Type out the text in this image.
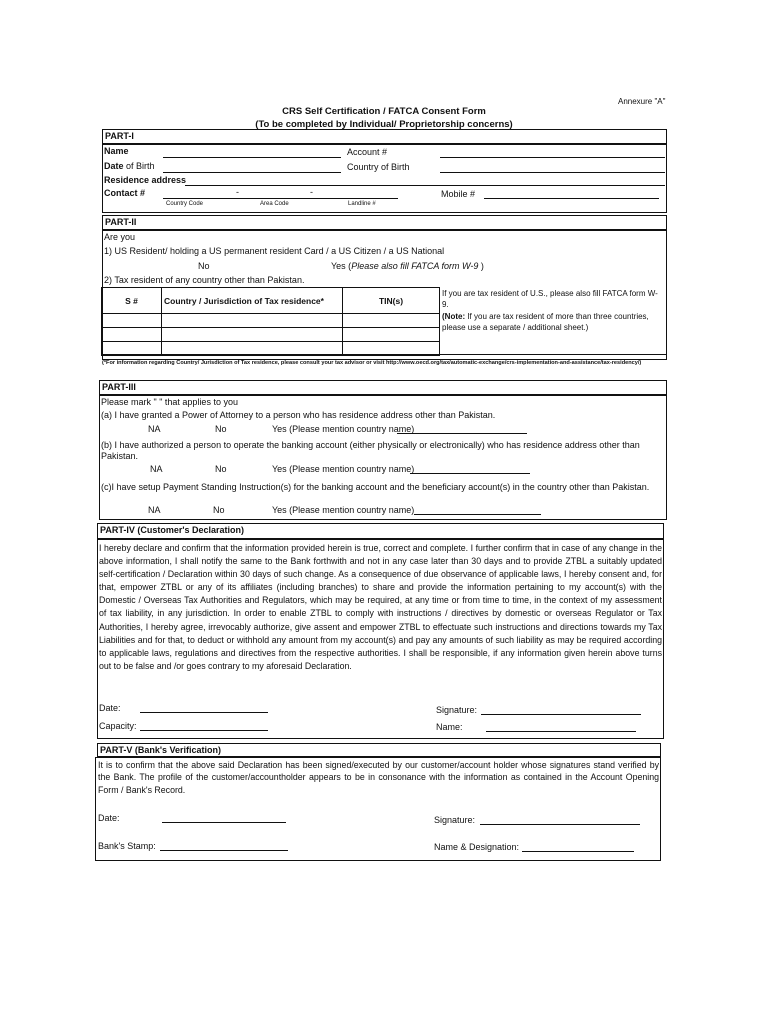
Annexure "A"
CRS Self Certification / FATCA Consent Form
(To be completed by Individual/ Proprietorship concerns)
PART-I
Name	Account #
Date of Birth	Country of Birth
Residence address
Contact #	-	-	Mobile #
Country Code	Area Code	Landline #
PART-II
Are you
1) US Resident/ holding a US permanent resident Card / a US Citizen / a US National
No	Yes (Please also fill FATCA form W-9 )
2) Tax resident of any country other than Pakistan.
S #	Country / Jurisdiction of Tax residence*	TIN(s)

If you are tax resident of U.S., please also fill FATCA form W-9.
(Note: If you are tax resident of more than three countries, please use a separate / additional sheet.)
(*For information regarding Country/ Jurisdiction of Tax residence, please consult your tax advisor or visit http://www.oecd.org/tax/automatic-exchange/crs-implementation-and-assistance/tax-residency/)
PART-III
Please mark " " that applies to you
(a) I have granted a Power of Attorney to a person who has residence address other than Pakistan.
NA	No	Yes (Please mention country name)
(b) I have authorized a person to operate the banking account (either physically or electronically) who has residence address other than Pakistan.
NA	No	Yes (Please mention country name)
(c)I have setup Payment Standing Instruction(s) for the banking account and the beneficiary account(s) in the country other than Pakistan.
NA	No	Yes (Please mention country name)
PART-IV (Customer's Declaration)
I hereby declare and confirm that the information provided herein is true, correct and complete. I further confirm that in case of any change in the above information, I shall notify the same to the Bank forthwith and not in any case later than 30 days and to provide ZTBL a suitably updated self-certification / Declaration within 30 days of such change. As a consequence of due observance of applicable laws, I hereby consent and, for that, empower ZTBL or any of its affiliates (including branches) to share and provide the information pertaining to my account(s) with the Domestic / Overseas Tax Authorities and Regulators, which may be required, at any time or from time to time, in the context of my assessment of tax liability, in any jurisdiction. In order to enable ZTBL to comply with instructions / directives by domestic or overseas Regulator or Tax Authorities, I hereby agree, irrevocably authorize, give assent and empower ZTBL to effectuate such instructions and directions towards my Tax Liabilities and for that, to deduct or withhold any amount from my account(s) and pay any amounts of such liability as may be required according to applicable laws, regulations and directives from the respective authorities. I shall be responsible, if any information given herein above turns out to be false and /or goes contrary to my aforesaid Declaration.
Date:
Capacity:
Signature:
Name:
PART-V (Bank's Verification)
It is to confirm that the above said Declaration has been signed/executed by our customer/account holder whose signatures stand verified by the Bank. The profile of the customer/accountholder appears to be in consonance with the information as contained in the Account Opening Form / Bank's Record.
Date:	Signature:
Bank's Stamp:	Name & Designation:
